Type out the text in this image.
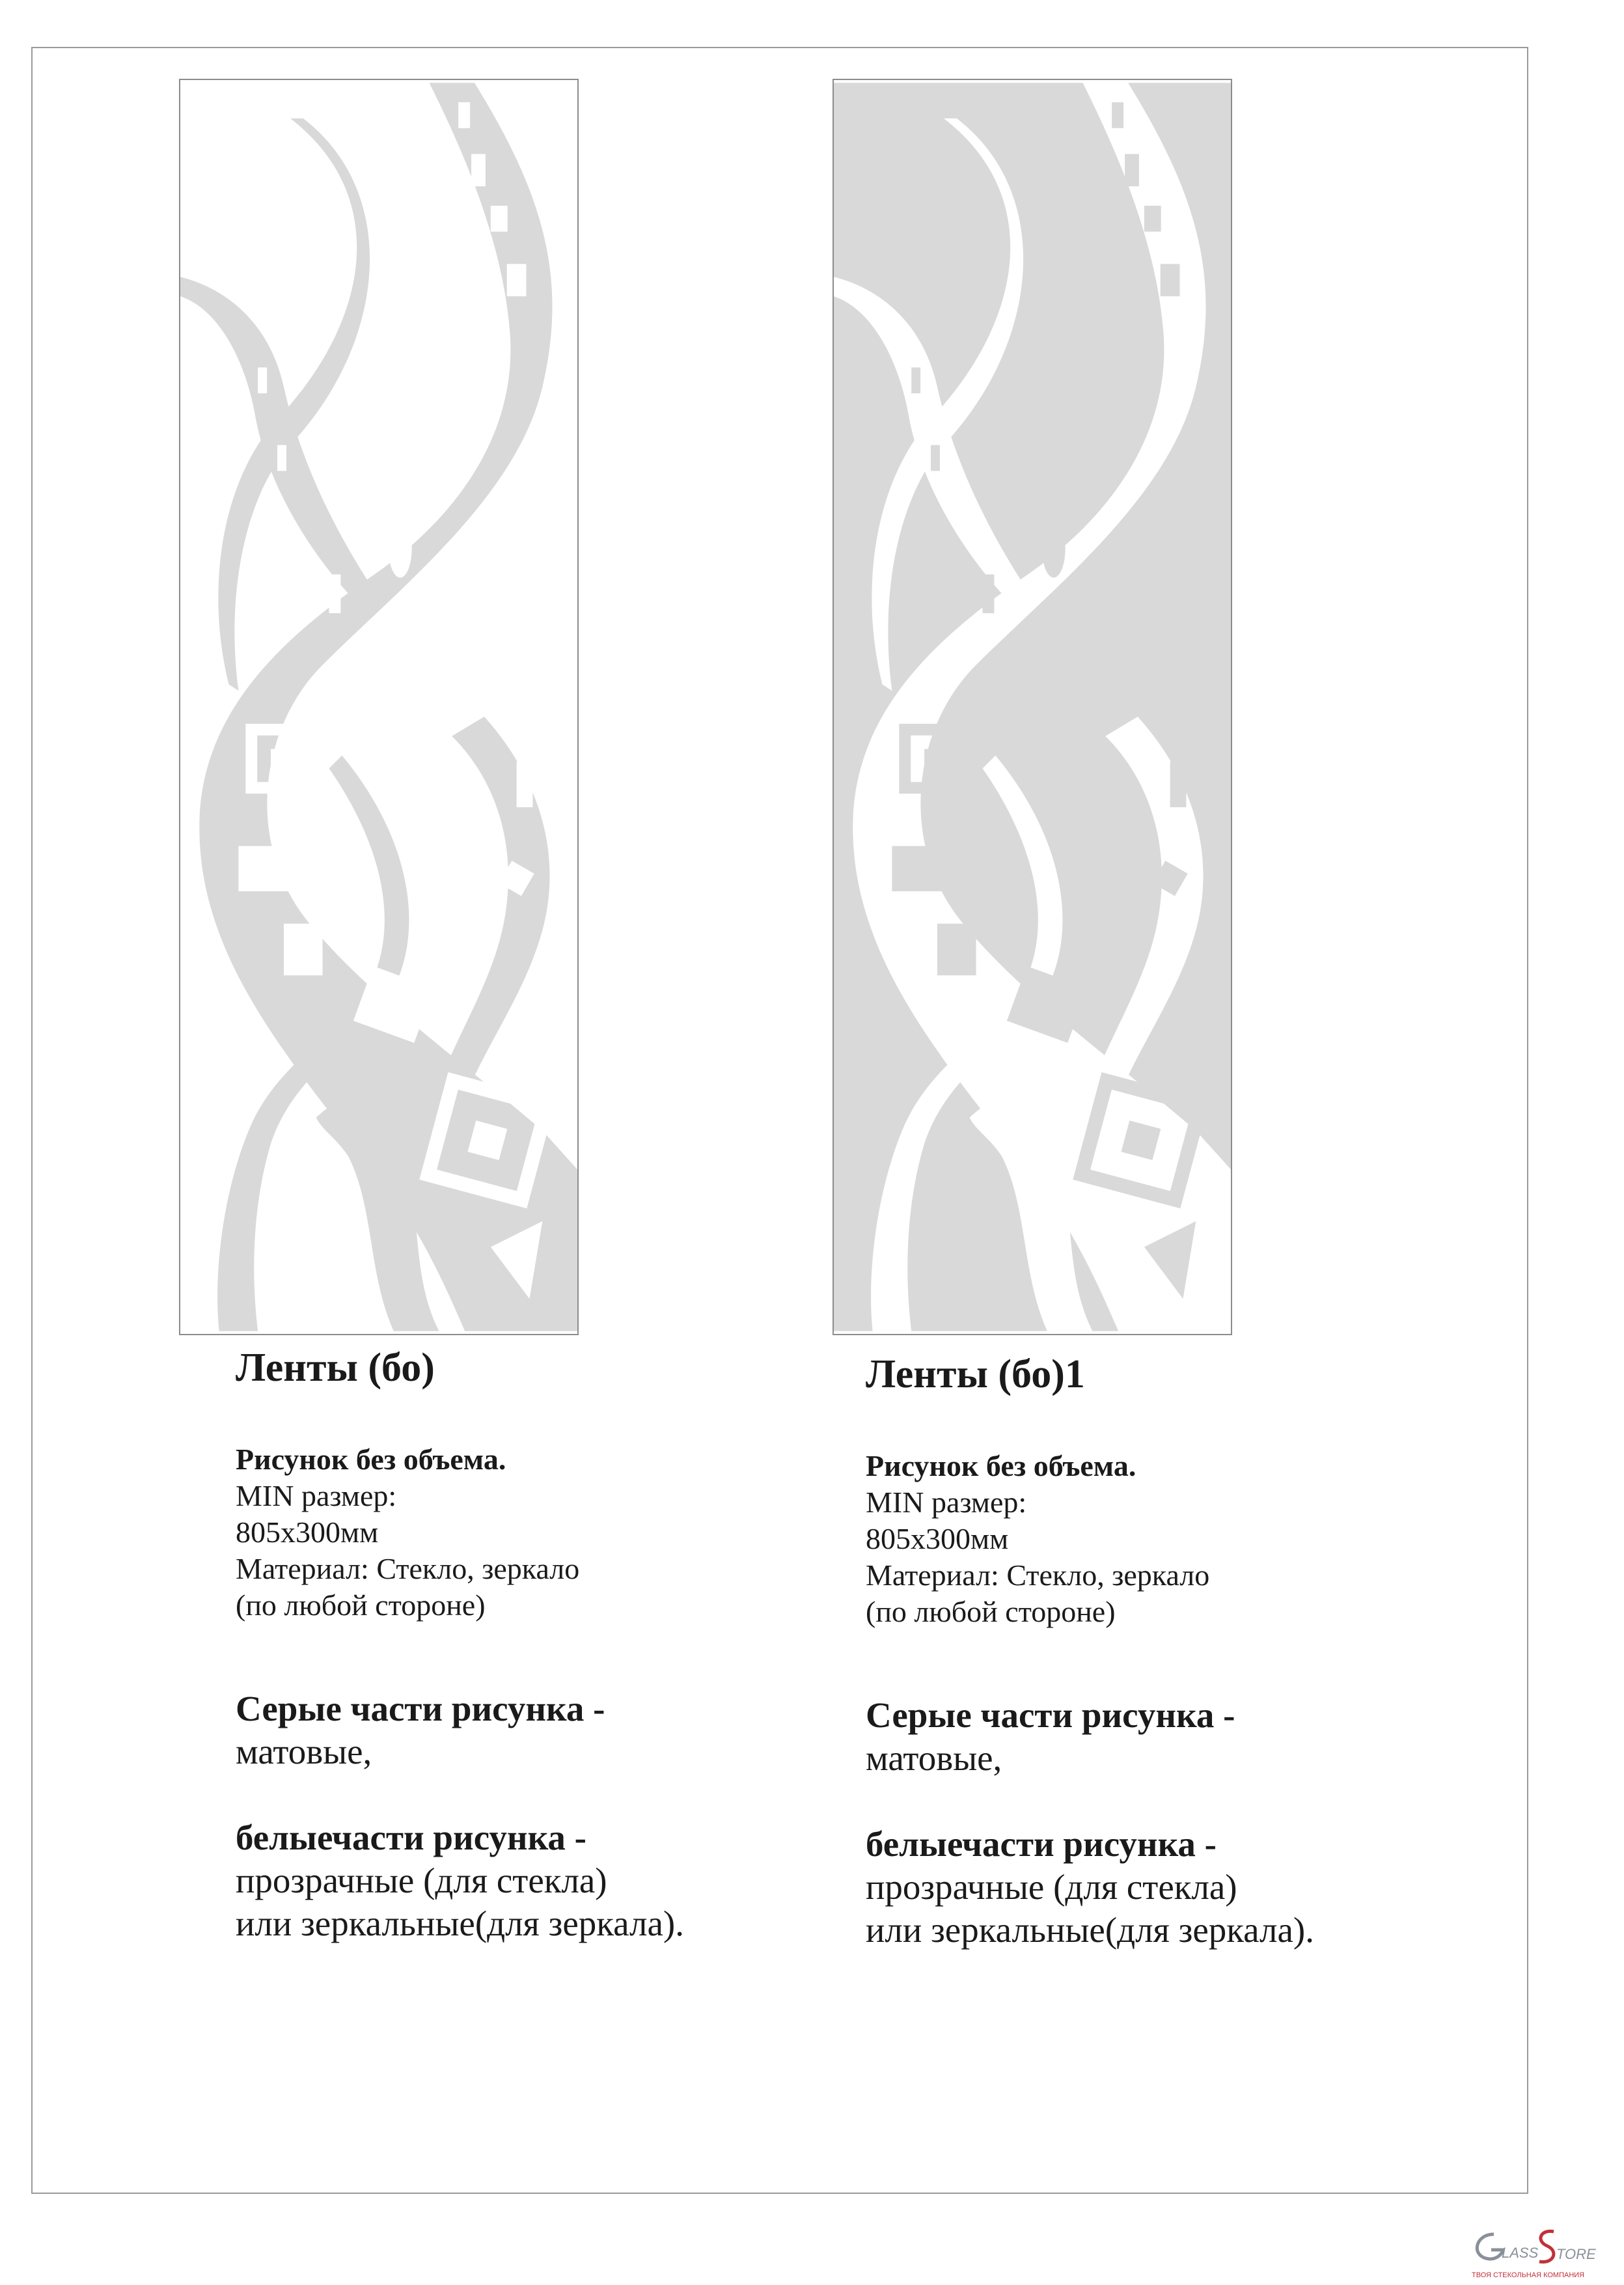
Ленты (бо)
Рисунок без объема.
MIN размер:
805х300мм
Материал: Стекло, зеркало
(по любой стороне)
Серые части рисунка -
матовые,
белыечасти рисунка -
прозрачные (для стекла)
или зеркальные(для зеркала).
Ленты (бо)1
Рисунок без объема.
MIN размер:
805х300мм
Материал: Стекло, зеркало
(по любой стороне)
Серые части рисунка -
матовые,
белыечасти рисунка -
прозрачные (для стекла)
или зеркальные(для зеркала).
LASS TORE
ТВОЯ СТЕКОЛЬНАЯ КОМПАНИЯ
